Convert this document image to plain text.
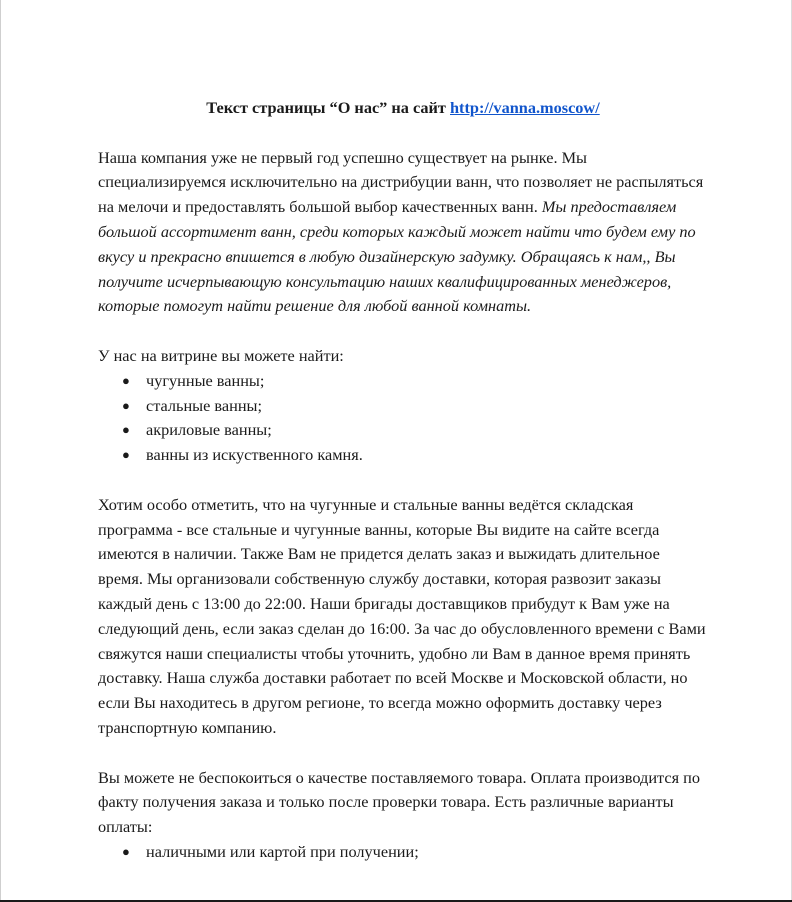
Текст страницы “О нас” на сайт http://vanna.moscow/

Наша компания уже не первый год успешно существует на рынке. Мы специализируемся исключительно на дистрибуции ванн, что позволяет не распыляться на мелочи и предоставлять большой выбор качественных ванн. Мы предоставляем большой ассортимент ванн, среди которых каждый может найти что будем ему по вкусу и прекрасно впишется в любую дизайнерскую задумку. Обращаясь к нам,, Вы получите исчерпывающую консультацию наших квалифицированных менеджеров, которые помогут найти решение для любой ванной комнаты.

У нас на витрине вы можете найти:

● чугунные ванны;
● стальные ванны;
● акриловые ванны;
● ванны из искуственного камня.

Хотим особо отметить, что на чугунные и стальные ванны ведётся складская программа - все стальные и чугунные ванны, которые Вы видите на сайте всегда имеются в наличии. Также Вам не придется делать заказ и выжидать длительное время. Мы организовали собственную службу доставки, которая развозит заказы каждый день с 13:00 до 22:00. Наши бригады доставщиков прибудут к Вам уже на следующий день, если заказ сделан до 16:00. За час до обусловленного времени с Вами свяжутся наши специалисты чтобы уточнить, удобно ли Вам в данное время принять доставку. Наша служба доставки работает по всей Москве и Московской области, но если Вы находитесь в другом регионе, то всегда можно оформить доставку через транспортную компанию.

Вы можете не беспокоиться о качестве поставляемого товара. Оплата производится по факту получения заказа и только после проверки товара. Есть различные варианты оплаты:

● наличными или картой при получении;
